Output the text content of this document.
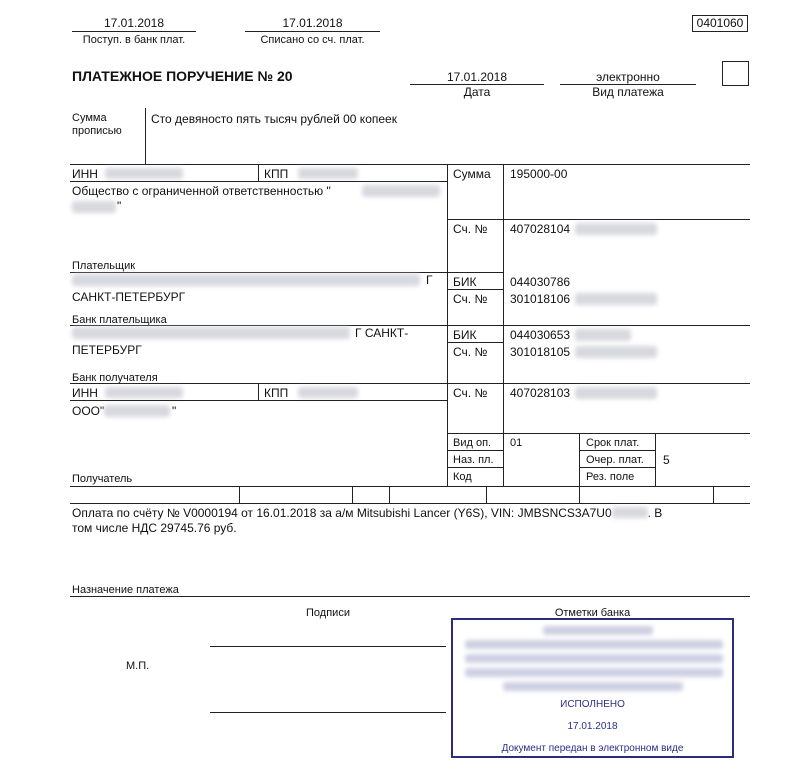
17.01.2018
Поступ. в банк плат.
17.01.2018
Списано со сч. плат.
0401060
ПЛАТЕЖНОЕ ПОРУЧЕНИЕ № 20	17.01.2018
Дата
электронно
Вид платежа
Сумма
прописью
Сто девяносто пять тысяч рублей 00 копеек
ИНН	КПП
Общество с ограниченной ответственностью "
"
Плательщик
Сумма 195000-00
Сч. № 407028104
Г
САНКТ-ПЕТЕРБУРГ
Банк плательщика
БИК	044030786
Сч. № 301018106
Г САНКТ-
ПЕТЕРБУРГ
Банк получателя
БИК	044030653
Сч. № 301018105
ИНН	КПП
ООО"	"
Получатель
Сч. № 407028103
Вид оп. 01	Срок плат.
Наз. пл.	Очер. плат. 5
Код	Рез. поле
Оплата по счёту № V0000194 от 16.01.2018 за а/м Mitsubishi Lancer (Y6S), VIN: JMBSNCS3A7U0	. В
том числе НДС 29745.76 руб.
Назначение платежа
Подписи	Отметки банка
М.П.
ИСПОЛНЕНО
17.01.2018
Документ передан в электронном виде
